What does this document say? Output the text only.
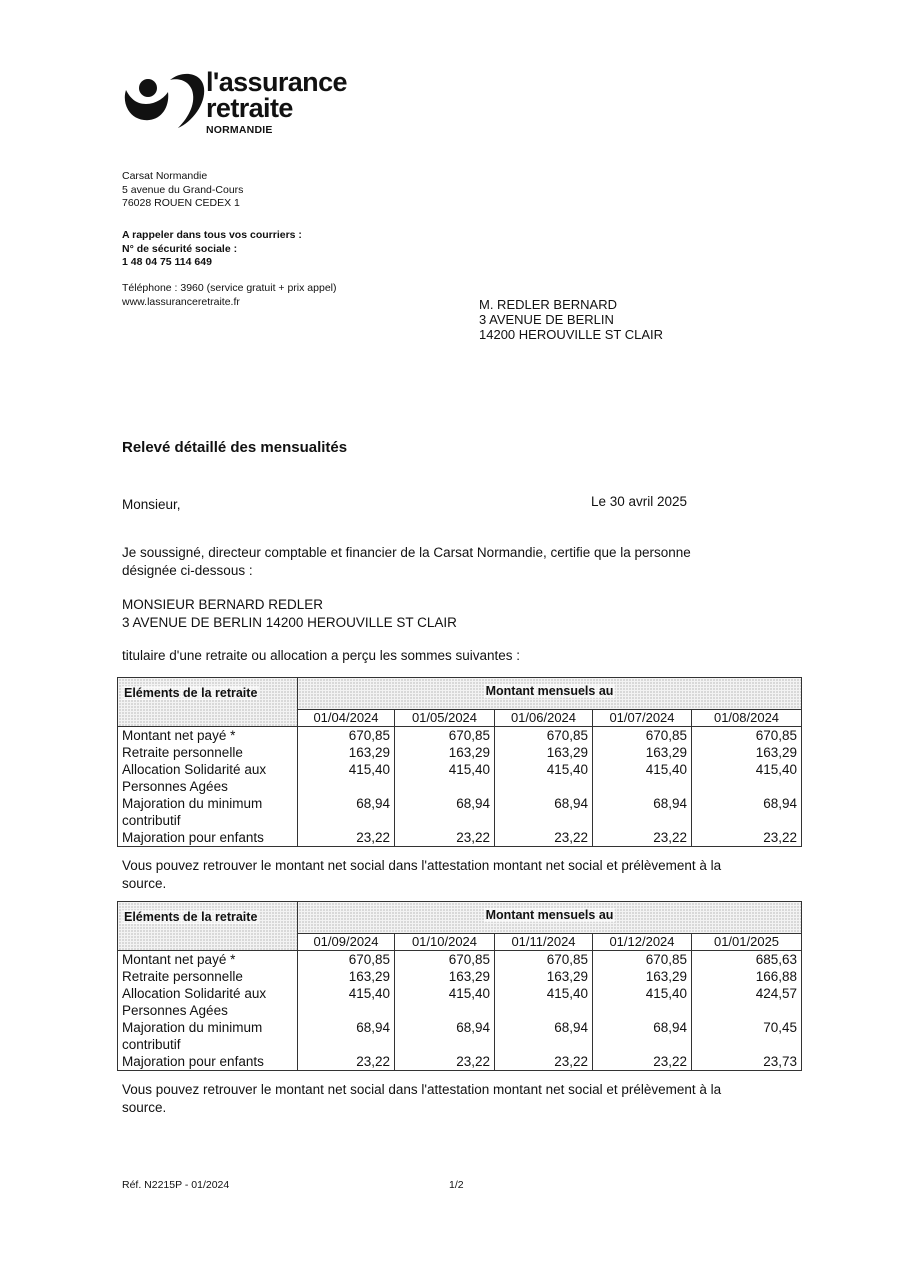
l'assurance
retraite
NORMANDIE
Carsat Normandie
5 avenue du Grand-Cours
76028 ROUEN CEDEX 1
A rappeler dans tous vos courriers :
N° de sécurité sociale :
1 48 04 75 114 649
Téléphone : 3960 (service gratuit + prix appel)
www.lassuranceretraite.fr	M. REDLER BERNARD
3 AVENUE DE BERLIN
14200 HEROUVILLE ST CLAIR
Relevé détaillé des mensualités
Monsieur,	Le 30 avril 2025
Je soussigné, directeur comptable et financier de la Carsat Normandie, certifie que la personne
désignée ci-dessous :
MONSIEUR BERNARD REDLER
3 AVENUE DE BERLIN 14200 HEROUVILLE ST CLAIR
titulaire d'une retraite ou allocation a perçu les sommes suivantes :
Eléments de la retraite	Montant mensuels au				
	01/04/2024	01/05/2024	01/06/2024	01/07/2024	01/08/2024
Montant net payé *	670,85	670,85	670,85	670,85	670,85
Retraite personnelle	163,29	163,29	163,29	163,29	163,29
Allocation Solidarité aux Personnes Agées	415,40	415,40	415,40	415,40	415,40
Majoration du minimum contributif	68,94	68,94	68,94	68,94	68,94
Majoration pour enfants	23,22	23,22	23,22	23,22	23,22
Vous pouvez retrouver le montant net social dans l'attestation montant net social et prélèvement à la
source.
Eléments de la retraite	Montant mensuels au				
	01/09/2024	01/10/2024	01/11/2024	01/12/2024	01/01/2025
Montant net payé *	670,85	670,85	670,85	670,85	685,63
Retraite personnelle	163,29	163,29	163,29	163,29	166,88
Allocation Solidarité aux Personnes Agées	415,40	415,40	415,40	415,40	424,57
Majoration du minimum contributif	68,94	68,94	68,94	68,94	70,45
Majoration pour enfants	23,22	23,22	23,22	23,22	23,73
Vous pouvez retrouver le montant net social dans l'attestation montant net social et prélèvement à la
source.
Réf. N2215P - 01/2024	1/2
